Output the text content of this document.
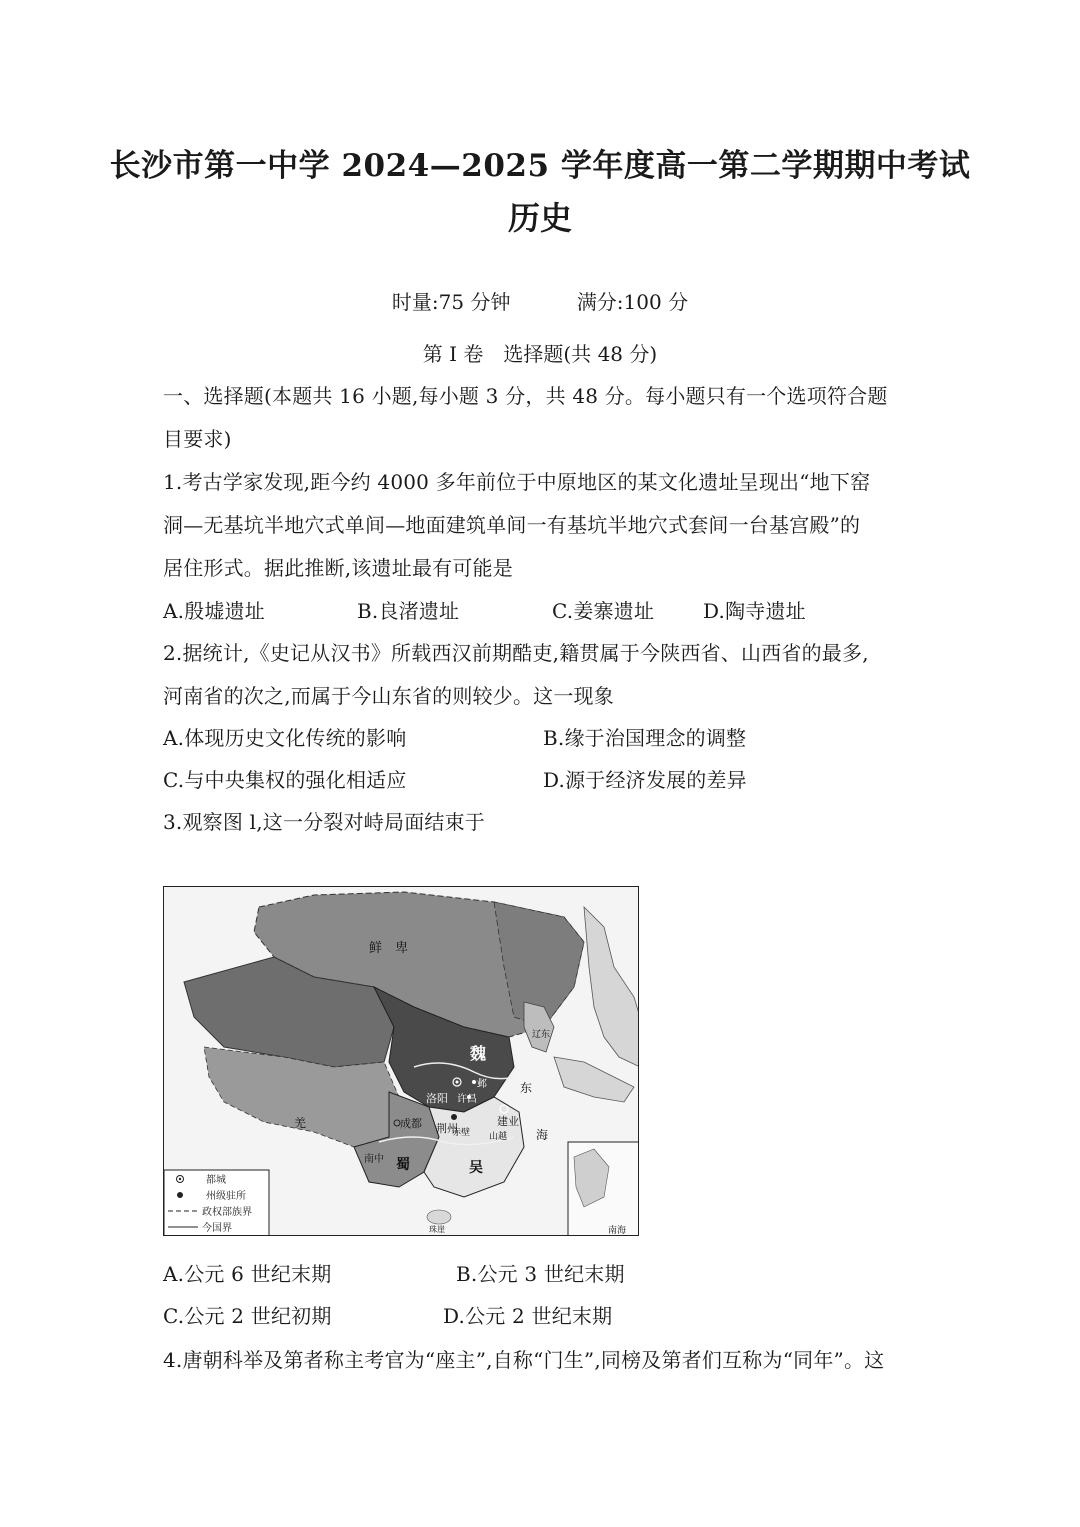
长沙市第一中学 2024—2025 学年度高一第二学期期中考试
历史
时量:75 分钟	满分:100 分
第 I 卷　选择题(共 48 分)
一、选择题(本题共 16 小题,每小题 3 分，共 48 分。每小题只有一个选项符合题
目要求)
1.考古学家发现,距今约 4000 多年前位于中原地区的某文化遗址呈现出“地下窑
洞—无基坑半地穴式单间—地面建筑单间一有基坑半地穴式套间一台基宫殿”的
居住形式。据此推断,该遗址最有可能是
A.殷墟遗址	B.良渚遗址	C.姜寨遗址 D.陶寺遗址
2.据统计,《史记从汉书》所载西汉前期酷吏,籍贯属于今陕西省、山西省的最多,
河南省的次之,而属于今山东省的则较少。这一现象
A.体现历史文化传统的影响	B.缘于治国理念的调整
C.与中央集权的强化相适应	D.源于经济发展的差异
3.观察图 l,这一分裂对峙局面结束于
鲜　卑
魏
蜀	吴
洛阳
邺
许昌
成都	建业
荆州
赤壁
南中
羌
东
海
南海
珠崖
山越
辽东
都城
州级驻所
政权部族界
今国界
A.公元 6 世纪末期	B.公元 3 世纪末期
C.公元 2 世纪初期	D.公元 2 世纪末期
4.唐朝科举及第者称主考官为“座主”,自称“门生”,同榜及第者们互称为“同年”。这
